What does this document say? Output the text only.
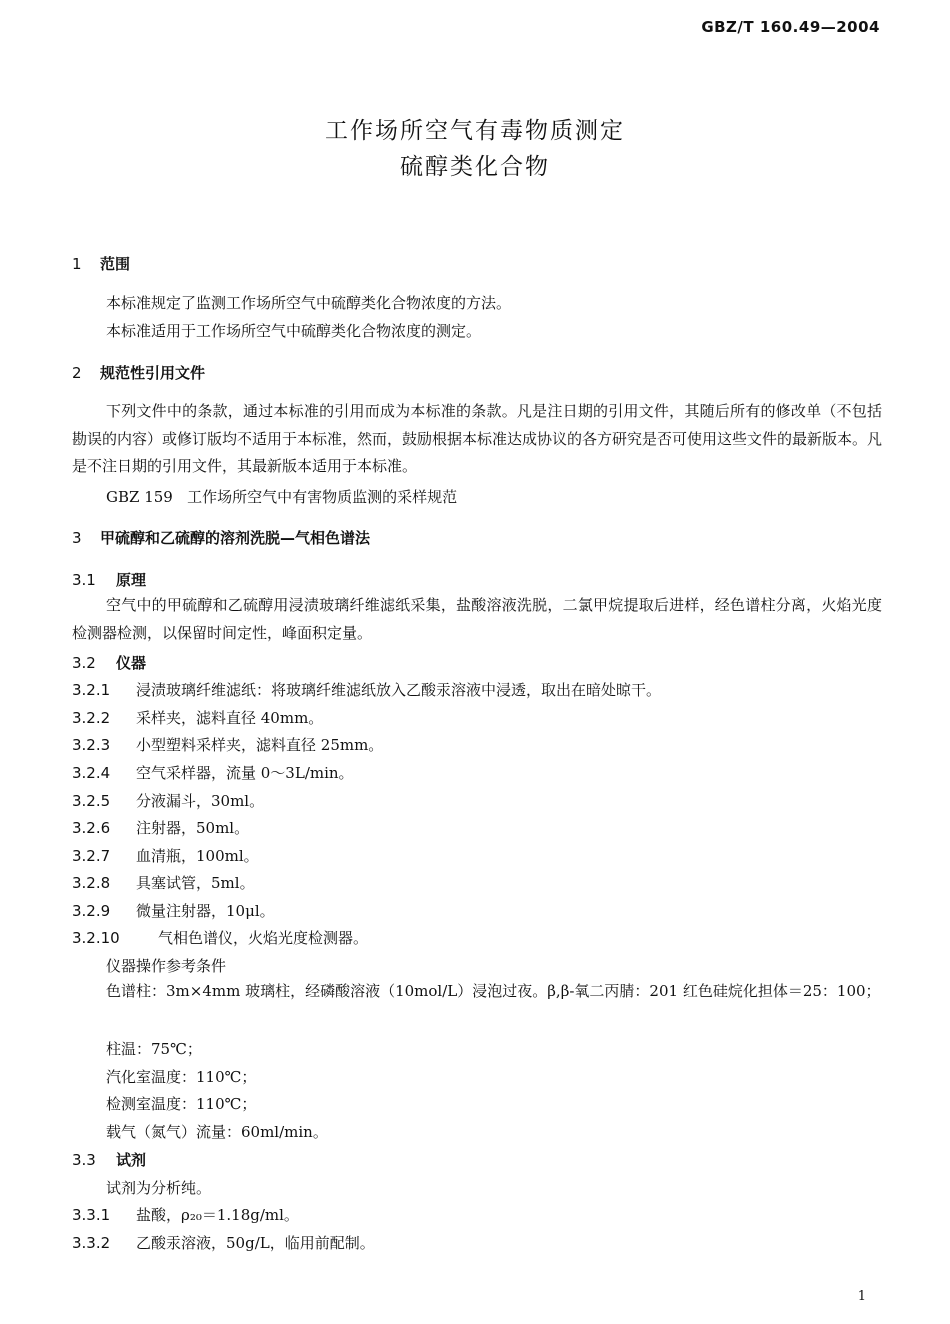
GBZ/T 160.49—2004
工作场所空气有毒物质测定
硫醇类化合物
1 范围
本标准规定了监测工作场所空气中硫醇类化合物浓度的方法。
本标准适用于工作场所空气中硫醇类化合物浓度的测定。
2 规范性引用文件
下列文件中的条款，通过本标准的引用而成为本标准的条款。凡是注日期的引用文件，其随后所有的修改单（不包括勘误的内容）或修订版均不适用于本标准，然而，鼓励根据本标准达成协议的各方研究是否可使用这些文件的最新版本。凡是不注日期的引用文件，其最新版本适用于本标准。
GBZ 159   工作场所空气中有害物质监测的采样规范
3 甲硫醇和乙硫醇的溶剂洗脱—气相色谱法
3.1 原理
空气中的甲硫醇和乙硫醇用浸渍玻璃纤维滤纸采集，盐酸溶液洗脱，二氯甲烷提取后进样，经色谱柱分离，火焰光度检测器检测，以保留时间定性，峰面积定量。
3.2 仪器
3.2.1 浸渍玻璃纤维滤纸：将玻璃纤维滤纸放入乙酸汞溶液中浸透，取出在暗处晾干。
3.2.2 采样夹，滤料直径 40mm。
3.2.3 小型塑料采样夹，滤料直径 25mm。
3.2.4 空气采样器，流量 0～3L/min。
3.2.5 分液漏斗，30ml。
3.2.6 注射器，50ml。
3.2.7 血清瓶，100ml。
3.2.8 具塞试管，5ml。
3.2.9 微量注射器，10μl。
3.2.10	气相色谱仪，火焰光度检测器。
仪器操作参考条件
色谱柱：3m×4mm 玻璃柱，经磷酸溶液（10mol/L）浸泡过夜。β,β-氧二丙腈：201 红色硅烷化担体＝25：100；
柱温：75℃；
汽化室温度：110℃；
检测室温度：110℃；
载气（氮气）流量：60ml/min。
3.3 试剂
试剂为分析纯。
3.3.1 盐酸，ρ₂₀＝1.18g/ml。
3.3.2 乙酸汞溶液，50g/L，临用前配制。
1
